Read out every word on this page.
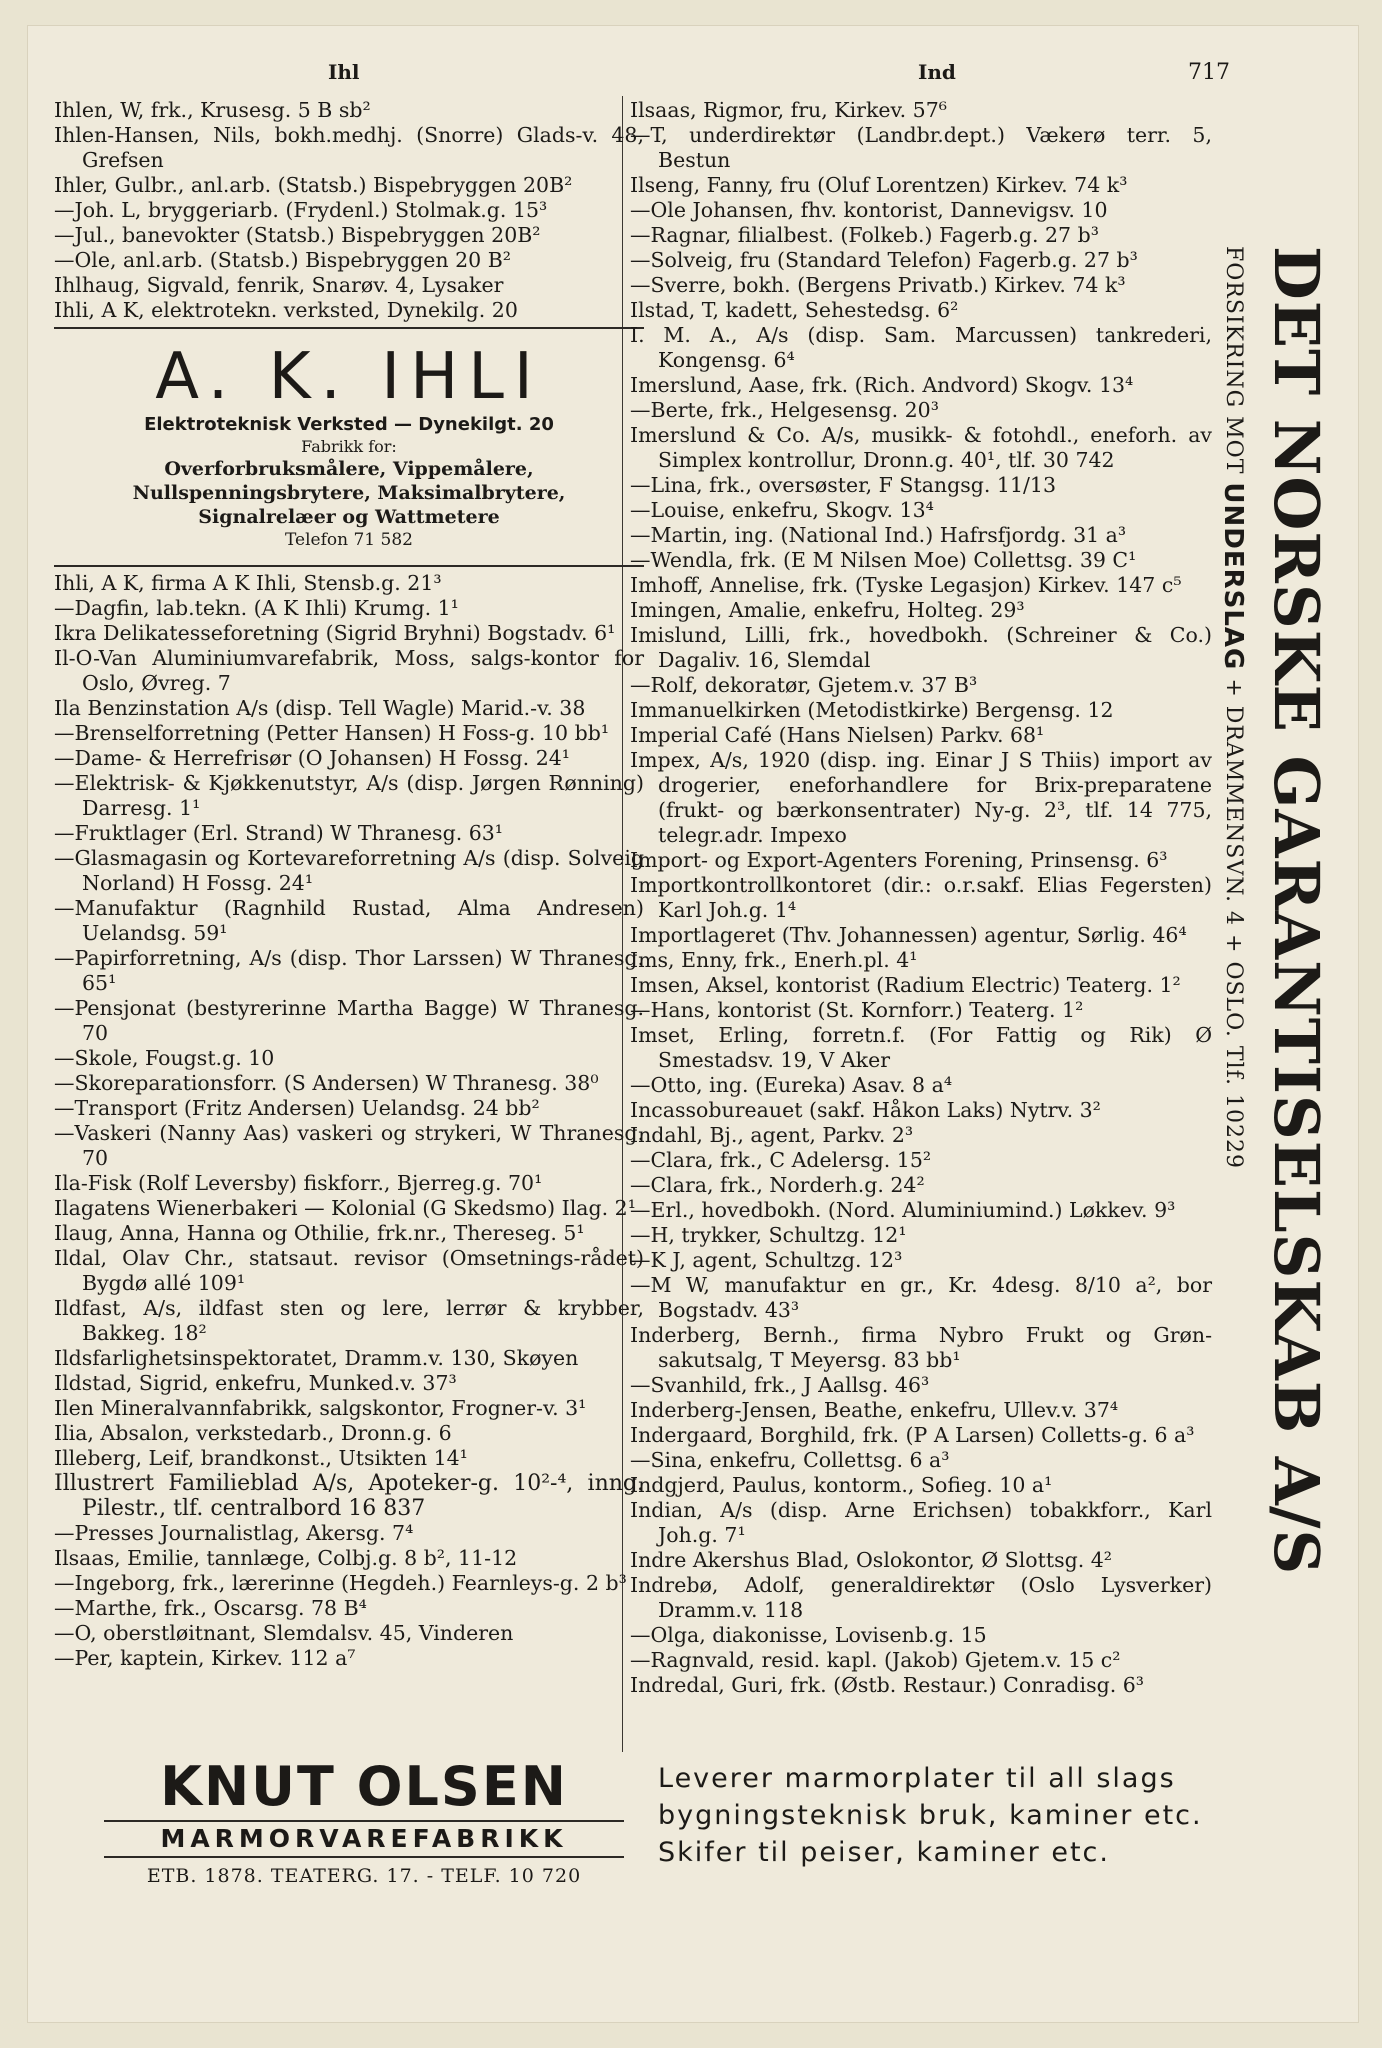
Ihl	Ind	717

Ihlen, W, frk., Krusesg. 5 B sb²

Ihlen-Hansen, Nils, bokh.medhj. (Snorre) Glads-v. 48, Grefsen

Ihler, Gulbr., anl.arb. (Statsb.) Bispebryggen 20B²

—Joh. L, bryggeriarb. (Frydenl.) Stolmak.g. 15³

—Jul., banevokter (Statsb.) Bispebryggen 20B²

—Ole, anl.arb. (Statsb.) Bispebryggen 20 B²

Ihlhaug, Sigvald, fenrik, Snarøv. 4, Lysaker

Ihli, A K, elektrotekn. verksted, Dynekilg. 20

A. K. IHLI
Elektroteknisk Verksted — Dynekilgt. 20
Fabrikk for:
Overforbruksmålere, Vippemålere,
Nullspenningsbrytere, Maksimalbrytere,
Signalrelæer og Wattmetere
Telefon 71 582

Ihli, A K, firma A K Ihli, Stensb.g. 21³

—Dagfin, lab.tekn. (A K Ihli) Krumg. 1¹

Ikra Delikatesseforetning (Sigrid Bryhni) Bogstadv. 6¹

Il-O-Van Aluminiumvarefabrik, Moss, salgs-kontor for Oslo, Øvreg. 7

Ila Benzinstation A/s (disp. Tell Wagle) Marid.-v. 38

—Brenselforretning (Petter Hansen) H Foss-g. 10 bb¹

—Dame- & Herrefrisør (O Johansen) H Fossg. 24¹

—Elektrisk- & Kjøkkenutstyr, A/s (disp. Jørgen Rønning) Darresg. 1¹

—Fruktlager (Erl. Strand) W Thranesg. 63¹

—Glasmagasin og Kortevareforretning A/s (disp. Solveig Norland) H Fossg. 24¹

—Manufaktur (Ragnhild Rustad, Alma Andresen) Uelandsg. 59¹

—Papirforretning, A/s (disp. Thor Larssen) W Thranesg. 65¹

—Pensjonat (bestyrerinne Martha Bagge) W Thranesg. 70

—Skole, Fougst.g. 10

—Skoreparationsforr. (S Andersen) W Thranesg. 38⁰

—Transport (Fritz Andersen) Uelandsg. 24 bb²

—Vaskeri (Nanny Aas) vaskeri og strykeri, W Thranesg. 70

Ila-Fisk (Rolf Leversby) fiskforr., Bjerreg.g. 70¹

Ilagatens Wienerbakeri — Kolonial (G Skedsmo) Ilag. 2¹

Ilaug, Anna, Hanna og Othilie, frk.nr., Thereseg. 5¹

Ildal, Olav Chr., statsaut. revisor (Omsetnings-rådet) Bygdø allé 109¹

Ildfast, A/s, ildfast sten og lere, lerrør & krybber, Bakkeg. 18²

Ildsfarlighetsinspektoratet, Dramm.v. 130, Skøyen

Ildstad, Sigrid, enkefru, Munked.v. 37³

Ilen Mineralvannfabrikk, salgskontor, Frogner-v. 3¹

Ilia, Absalon, verkstedarb., Dronn.g. 6

Illeberg, Leif, brandkonst., Utsikten 14¹

Illustrert Familieblad A/s, Apoteker-g. 10²-⁴, inng. Pilestr., tlf. centralbord 16 837

—Presses Journalistlag, Akersg. 7⁴

Ilsaas, Emilie, tannlæge, Colbj.g. 8 b², 11-12

—Ingeborg, frk., lærerinne (Hegdeh.) Fearnleys-g. 2 b³

—Marthe, frk., Oscarsg. 78 B⁴

—O, oberstløitnant, Slemdalsv. 45, Vinderen

—Per, kaptein, Kirkev. 112 a⁷

Ilsaas, Rigmor, fru, Kirkev. 57⁶

—T, underdirektør (Landbr.dept.) Vækerø terr. 5, Bestun

Ilseng, Fanny, fru (Oluf Lorentzen) Kirkev. 74 k³

—Ole Johansen, fhv. kontorist, Dannevigsv. 10

—Ragnar, filialbest. (Folkeb.) Fagerb.g. 27 b³

—Solveig, fru (Standard Telefon) Fagerb.g. 27 b³

—Sverre, bokh. (Bergens Privatb.) Kirkev. 74 k³

Ilstad, T, kadett, Sehestedsg. 6²

I. M. A., A/s (disp. Sam. Marcussen) tankrederi, Kongensg. 6⁴

Imerslund, Aase, frk. (Rich. Andvord) Skogv. 13⁴

—Berte, frk., Helgesensg. 20³

Imerslund & Co. A/s, musikk- & fotohdl., eneforh. av Simplex kontrollur, Dronn.g. 40¹, tlf. 30 742

—Lina, frk., oversøster, F Stangsg. 11/13

—Louise, enkefru, Skogv. 13⁴

—Martin, ing. (National Ind.) Hafrsfjordg. 31 a³

—Wendla, frk. (E M Nilsen Moe) Collettsg. 39 C¹

Imhoff, Annelise, frk. (Tyske Legasjon) Kirkev. 147 c⁵

Imingen, Amalie, enkefru, Holteg. 29³

Imislund, Lilli, frk., hovedbokh. (Schreiner & Co.) Dagaliv. 16, Slemdal

—Rolf, dekoratør, Gjetem.v. 37 B³

Immanuelkirken (Metodistkirke) Bergensg. 12

Imperial Café (Hans Nielsen) Parkv. 68¹

Impex, A/s, 1920 (disp. ing. Einar J S Thiis) import av drogerier, eneforhandlere for Brix-preparatene (frukt- og bærkonsentrater) Ny-g. 2³, tlf. 14 775, telegr.adr. Impexo

Import- og Export-Agenters Forening, Prinsensg. 6³

Importkontrollkontoret (dir.: o.r.sakf. Elias Fegersten) Karl Joh.g. 1⁴

Importlageret (Thv. Johannessen) agentur, Sørlig. 46⁴

Ims, Enny, frk., Enerh.pl. 4¹

Imsen, Aksel, kontorist (Radium Electric) Teaterg. 1²

—Hans, kontorist (St. Kornforr.) Teaterg. 1²

Imset, Erling, forretn.f. (For Fattig og Rik) Ø Smestadsv. 19, V Aker

—Otto, ing. (Eureka) Asav. 8 a⁴

Incassobureauet (sakf. Håkon Laks) Nytrv. 3²

Indahl, Bj., agent, Parkv. 2³

—Clara, frk., C Adelersg. 15²

—Clara, frk., Norderh.g. 24²

—Erl., hovedbokh. (Nord. Aluminiumind.) Løkkev. 9³

—H, trykker, Schultzg. 12¹

—K J, agent, Schultzg. 12³

—M W, manufaktur en gr., Kr. 4desg. 8/10 a², bor Bogstadv. 43³

Inderberg, Bernh., firma Nybro Frukt og Grøn-sakutsalg, T Meyersg. 83 bb¹

—Svanhild, frk., J Aallsg. 46³

Inderberg-Jensen, Beathe, enkefru, Ullev.v. 37⁴

Indergaard, Borghild, frk. (P A Larsen) Colletts-g. 6 a³

—Sina, enkefru, Collettsg. 6 a³

Indgjerd, Paulus, kontorm., Sofieg. 10 a¹

Indian, A/s (disp. Arne Erichsen) tobakkforr., Karl Joh.g. 7¹

Indre Akershus Blad, Oslokontor, Ø Slottsg. 4²

Indrebø, Adolf, generaldirektør (Oslo Lysverker) Dramm.v. 118

—Olga, diakonisse, Lovisenb.g. 15

—Ragnvald, resid. kapl. (Jakob) Gjetem.v. 15 c²

Indredal, Guri, frk. (Østb. Restaur.) Conradisg. 6³

DET NORSKE GARANTISELSKAB A/S
FORSIKRING MOT UNDERSLAG + DRAMMENSVN. 4 + OSLO. Tlf. 10229
KNUT OLSEN
MARMORVAREFABRIKK
ETB. 1878. TEATERG. 17. - TELF. 10 720
Leverer marmorplater til all slags
bygningsteknisk bruk, kaminer etc.
Skifer til peiser, kaminer etc.
